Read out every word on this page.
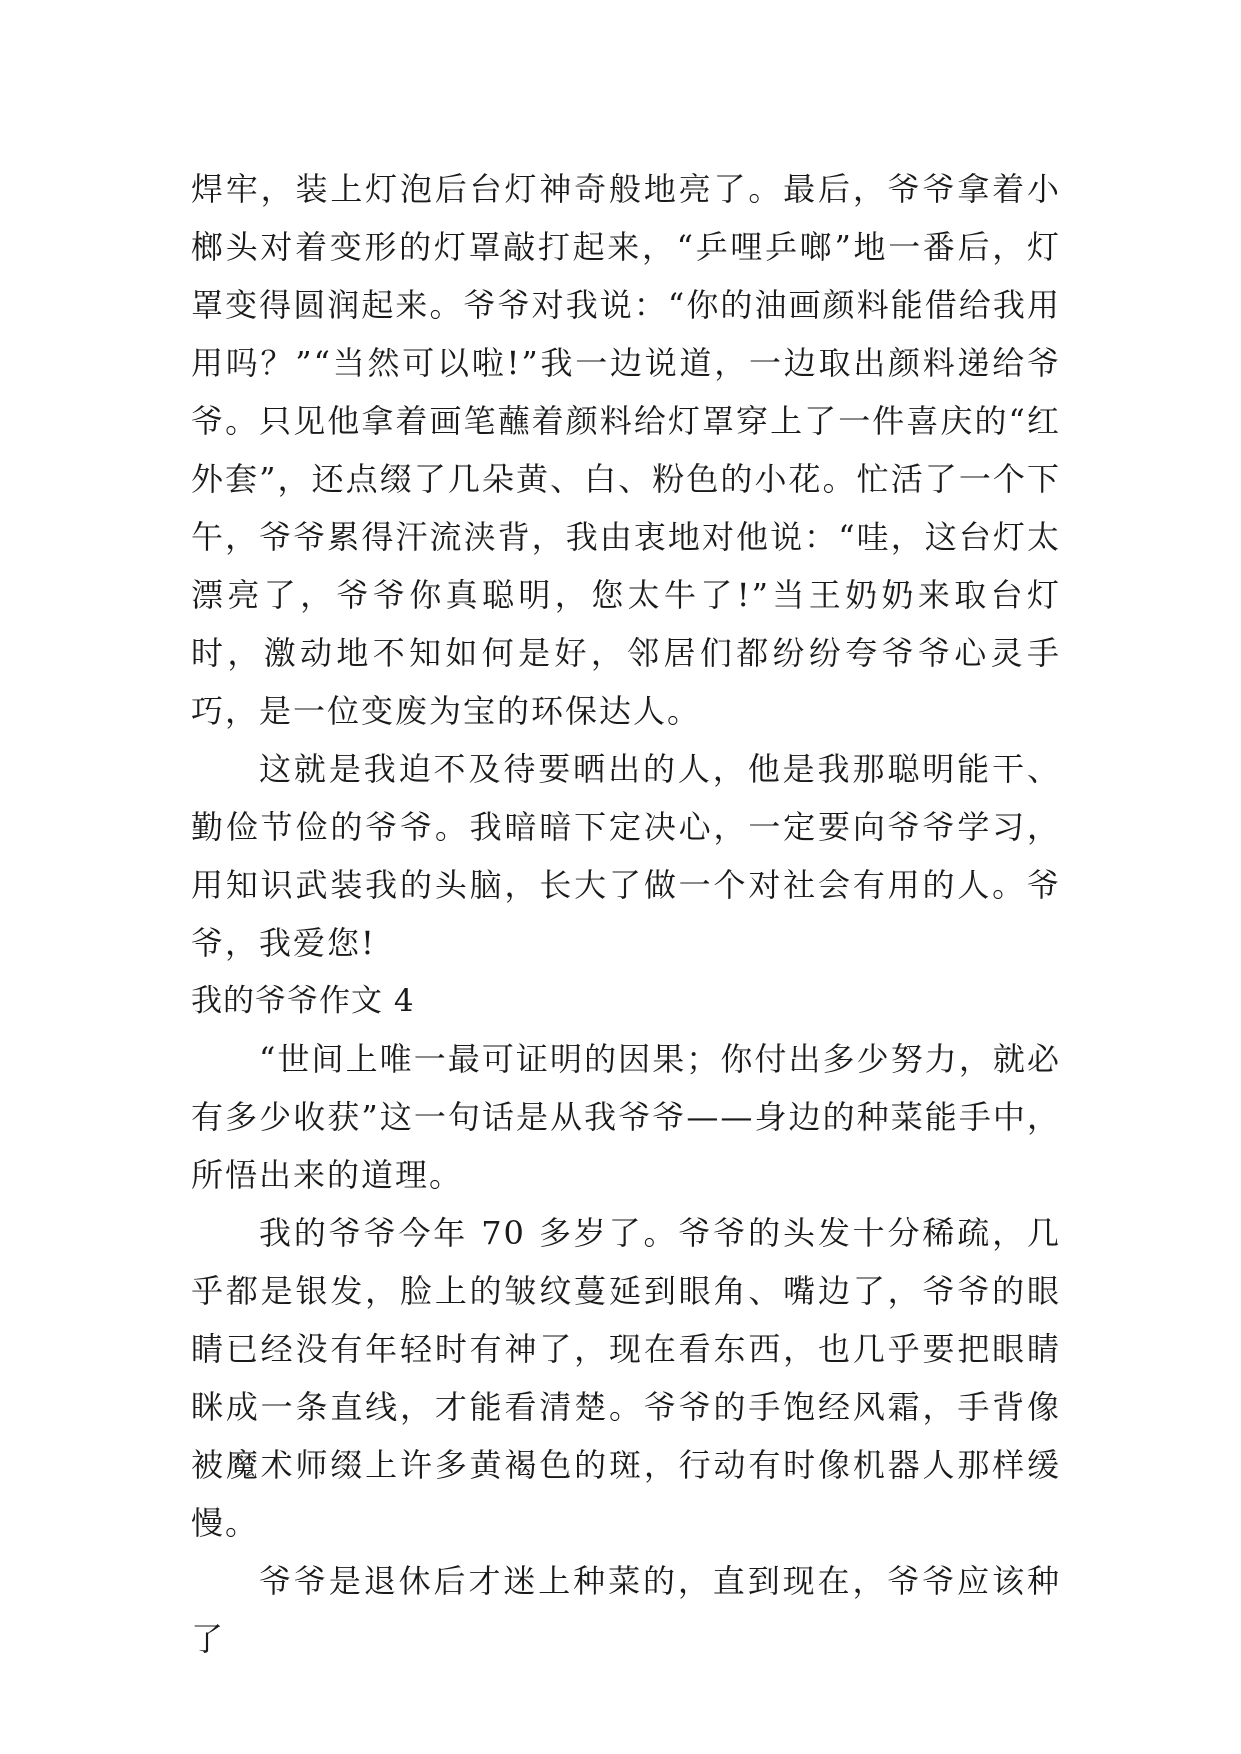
焊牢，装上灯泡后台灯神奇般地亮了。最后，爷爷拿着小榔头对着变形的灯罩敲打起来，“乒哩乒啷”地一番后，灯罩变得圆润起来。爷爷对我说：“你的油画颜料能借给我用用吗？”“当然可以啦!”我一边说道，一边取出颜料递给爷爷。只见他拿着画笔蘸着颜料给灯罩穿上了一件喜庆的“红外套”，还点缀了几朵黄、白、粉色的小花。忙活了一个下午，爷爷累得汗流浃背，我由衷地对他说：“哇，这台灯太漂亮了，爷爷你真聪明，您太牛了!”当王奶奶来取台灯时，激动地不知如何是好，邻居们都纷纷夸爷爷心灵手巧，是一位变废为宝的环保达人。

这就是我迫不及待要晒出的人，他是我那聪明能干、勤俭节俭的爷爷。我暗暗下定决心，一定要向爷爷学习，用知识武装我的头脑，长大了做一个对社会有用的人。爷爷，我爱您!

我的爷爷作文 4

“世间上唯一最可证明的因果；你付出多少努力，就必有多少收获”这一句话是从我爷爷——身边的种菜能手中，所悟出来的道理。

我的爷爷今年 70 多岁了。爷爷的头发十分稀疏，几乎都是银发，脸上的皱纹蔓延到眼角、嘴边了，爷爷的眼睛已经没有年轻时有神了，现在看东西，也几乎要把眼睛眯成一条直线，才能看清楚。爷爷的手饱经风霜，手背像被魔术师缀上许多黄褐色的斑，行动有时像机器人那样缓慢。

爷爷是退休后才迷上种菜的，直到现在，爷爷应该种了
